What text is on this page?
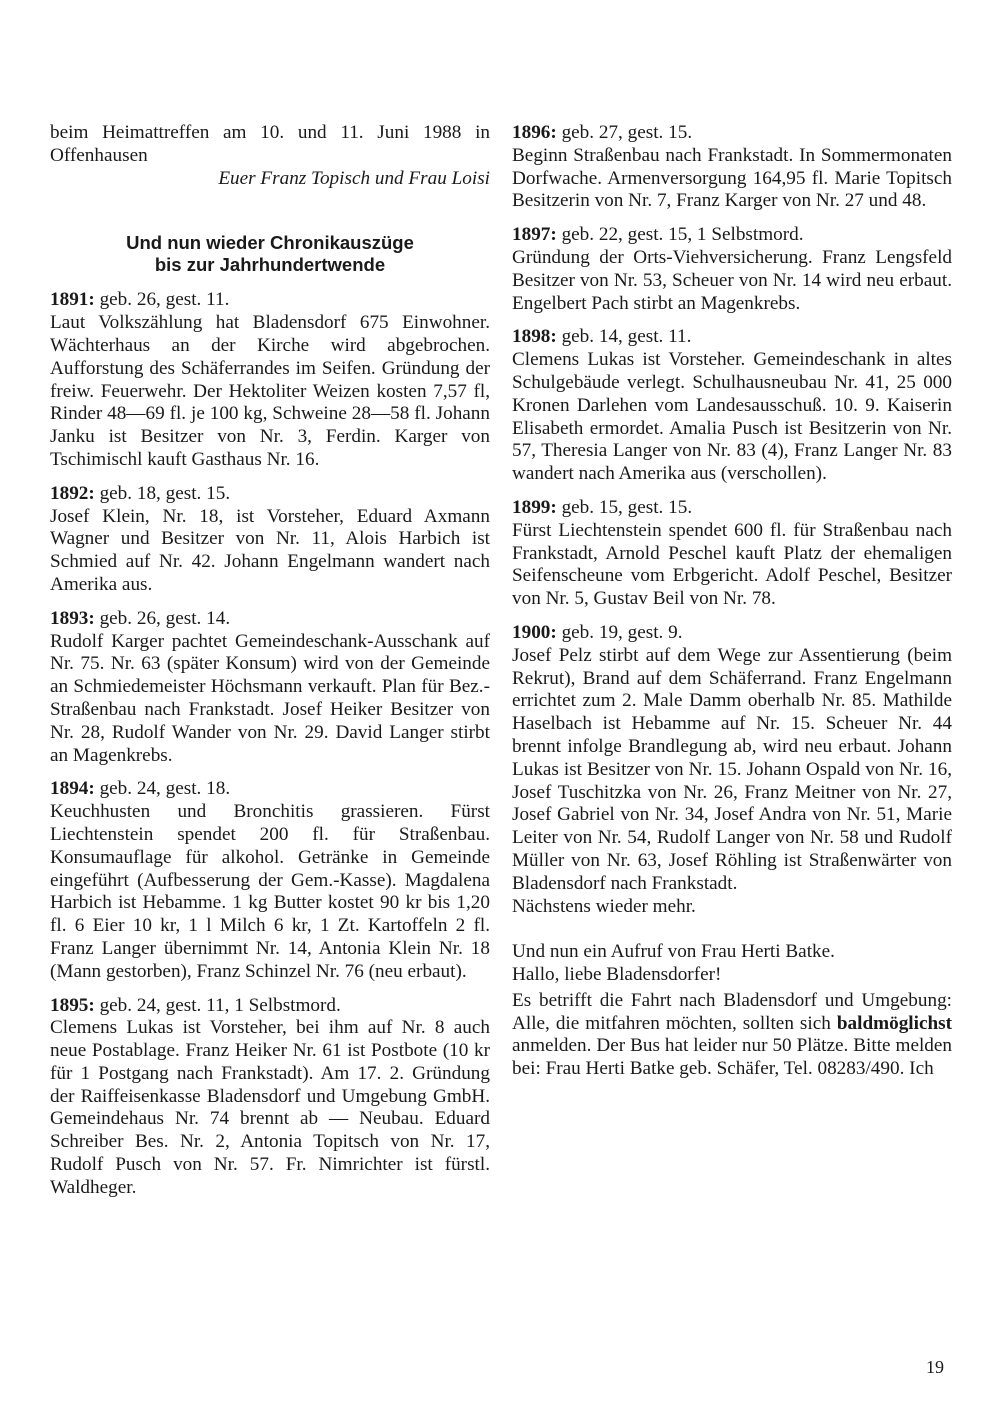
beim Heimattreffen am 10. und 11. Juni 1988 in Offenhausen

Euer Franz Topisch und Frau Loisi

Und nun wieder Chronikauszüge
bis zur Jahrhundertwende
1891: geb. 26, gest. 11.

Laut Volkszählung hat Bladensdorf 675 Einwohner. Wächterhaus an der Kirche wird abgebrochen. Aufforstung des Schäferrandes im Seifen. Gründung der freiw. Feuerwehr. Der Hektoliter Weizen kosten 7,57 fl, Rinder 48—69 fl. je 100 kg, Schweine 28—58 fl. Johann Janku ist Besitzer von Nr. 3, Ferdin. Karger von Tschimischl kauft Gasthaus Nr. 16.

1892: geb. 18, gest. 15.

Josef Klein, Nr. 18, ist Vorsteher, Eduard Axmann Wagner und Besitzer von Nr. 11, Alois Harbich ist Schmied auf Nr. 42. Johann Engelmann wandert nach Amerika aus.

1893: geb. 26, gest. 14.

Rudolf Karger pachtet Gemeindeschank-Ausschank auf Nr. 75. Nr. 63 (später Konsum) wird von der Gemeinde an Schmiedemeister Höchsmann verkauft. Plan für Bez.-Straßenbau nach Frankstadt. Josef Heiker Besitzer von Nr. 28, Rudolf Wander von Nr. 29. David Langer stirbt an Magenkrebs.

1894: geb. 24, gest. 18.

Keuchhusten und Bronchitis grassieren. Fürst Liechtenstein spendet 200 fl. für Straßenbau. Konsumauflage für alkohol. Getränke in Gemeinde eingeführt (Aufbesserung der Gem.-Kasse). Magdalena Harbich ist Hebamme. 1 kg Butter kostet 90 kr bis 1,20 fl. 6 Eier 10 kr, 1 l Milch 6 kr, 1 Zt. Kartoffeln 2 fl. Franz Langer übernimmt Nr. 14, Antonia Klein Nr. 18 (Mann gestorben), Franz Schinzel Nr. 76 (neu erbaut).

1895: geb. 24, gest. 11, 1 Selbstmord.

Clemens Lukas ist Vorsteher, bei ihm auf Nr. 8 auch neue Postablage. Franz Heiker Nr. 61 ist Postbote (10 kr für 1 Postgang nach Frankstadt). Am 17. 2. Gründung der Raiffeisenkasse Bladensdorf und Umgebung GmbH. Gemeindehaus Nr. 74 brennt ab — Neubau. Eduard Schreiber Bes. Nr. 2, Antonia Topitsch von Nr. 17, Rudolf Pusch von Nr. 57. Fr. Nimrichter ist fürstl. Waldheger.

1896: geb. 27, gest. 15.

Beginn Straßenbau nach Frankstadt. In Sommermonaten Dorfwache. Armenversorgung 164,95 fl. Marie Topitsch Besitzerin von Nr. 7, Franz Karger von Nr. 27 und 48.

1897: geb. 22, gest. 15, 1 Selbstmord.

Gründung der Orts-Viehversicherung. Franz Lengsfeld Besitzer von Nr. 53, Scheuer von Nr. 14 wird neu erbaut. Engelbert Pach stirbt an Magenkrebs.

1898: geb. 14, gest. 11.

Clemens Lukas ist Vorsteher. Gemeindeschank in altes Schulgebäude verlegt. Schulhausneubau Nr. 41, 25 000 Kronen Darlehen vom Landesausschuß. 10. 9. Kaiserin Elisabeth ermordet. Amalia Pusch ist Besitzerin von Nr. 57, Theresia Langer von Nr. 83 (4), Franz Langer Nr. 83 wandert nach Amerika aus (verschollen).

1899: geb. 15, gest. 15.

Fürst Liechtenstein spendet 600 fl. für Straßenbau nach Frankstadt, Arnold Peschel kauft Platz der ehemaligen Seifenscheune vom Erbgericht. Adolf Peschel, Besitzer von Nr. 5, Gustav Beil von Nr. 78.

1900: geb. 19, gest. 9.

Josef Pelz stirbt auf dem Wege zur Assentierung (beim Rekrut), Brand auf dem Schäferrand. Franz Engelmann errichtet zum 2. Male Damm oberhalb Nr. 85. Mathilde Haselbach ist Hebamme auf Nr. 15. Scheuer Nr. 44 brennt infolge Brandlegung ab, wird neu erbaut. Johann Lukas ist Besitzer von Nr. 15. Johann Ospald von Nr. 16, Josef Tuschitzka von Nr. 26, Franz Meitner von Nr. 27, Josef Gabriel von Nr. 34, Josef Andra von Nr. 51, Marie Leiter von Nr. 54, Rudolf Langer von Nr. 58 und Rudolf Müller von Nr. 63, Josef Röhling ist Straßenwärter von Bladensdorf nach Frankstadt.

Nächstens wieder mehr.

Und nun ein Aufruf von Frau Herti Batke.

Hallo, liebe Bladensdorfer!

Es betrifft die Fahrt nach Bladensdorf und Umgebung: Alle, die mitfahren möchten, sollten sich baldmöglichst anmelden. Der Bus hat leider nur 50 Plätze. Bitte melden bei: Frau Herti Batke geb. Schäfer, Tel. 08283/490. Ich

19
